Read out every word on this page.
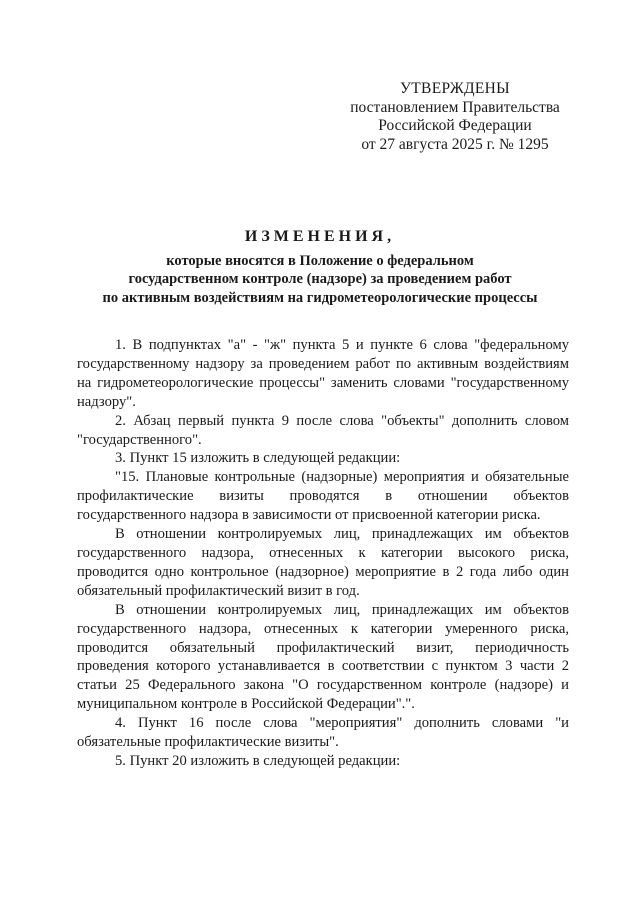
УТВЕРЖДЕНЫ
постановлением Правительства
Российской Федерации
от 27 августа 2025 г. № 1295
ИЗМЕНЕНИЯ,
которые вносятся в Положение о федеральном
государственном контроле (надзоре) за проведением работ
по активным воздействиям на гидрометеорологические процессы

1. В подпунктах "а" - "ж" пункта 5 и пункте 6 слова "федеральному государственному надзору за проведением работ по активным воздействиям на гидрометеорологические процессы" заменить словами "государственному надзору".

2. Абзац первый пункта 9 после слова "объекты" дополнить словом "государственного".

3. Пункт 15 изложить в следующей редакции:

"15. Плановые контрольные (надзорные) мероприятия и обязательные профилактические визиты проводятся в отношении объектов государственного надзора в зависимости от присвоенной категории риска.

В отношении контролируемых лиц, принадлежащих им объектов государственного надзора, отнесенных к категории высокого риска, проводится одно контрольное (надзорное) мероприятие в 2 года либо один обязательный профилактический визит в год.

В отношении контролируемых лиц, принадлежащих им объектов государственного надзора, отнесенных к категории умеренного риска, проводится обязательный профилактический визит, периодичность проведения которого устанавливается в соответствии с пунктом 3 части 2 статьи 25 Федерального закона "О государственном контроле (надзоре) и муниципальном контроле в Российской Федерации".".

4. Пункт 16 после слова "мероприятия" дополнить словами "и обязательные профилактические визиты".

5. Пункт 20 изложить в следующей редакции:
